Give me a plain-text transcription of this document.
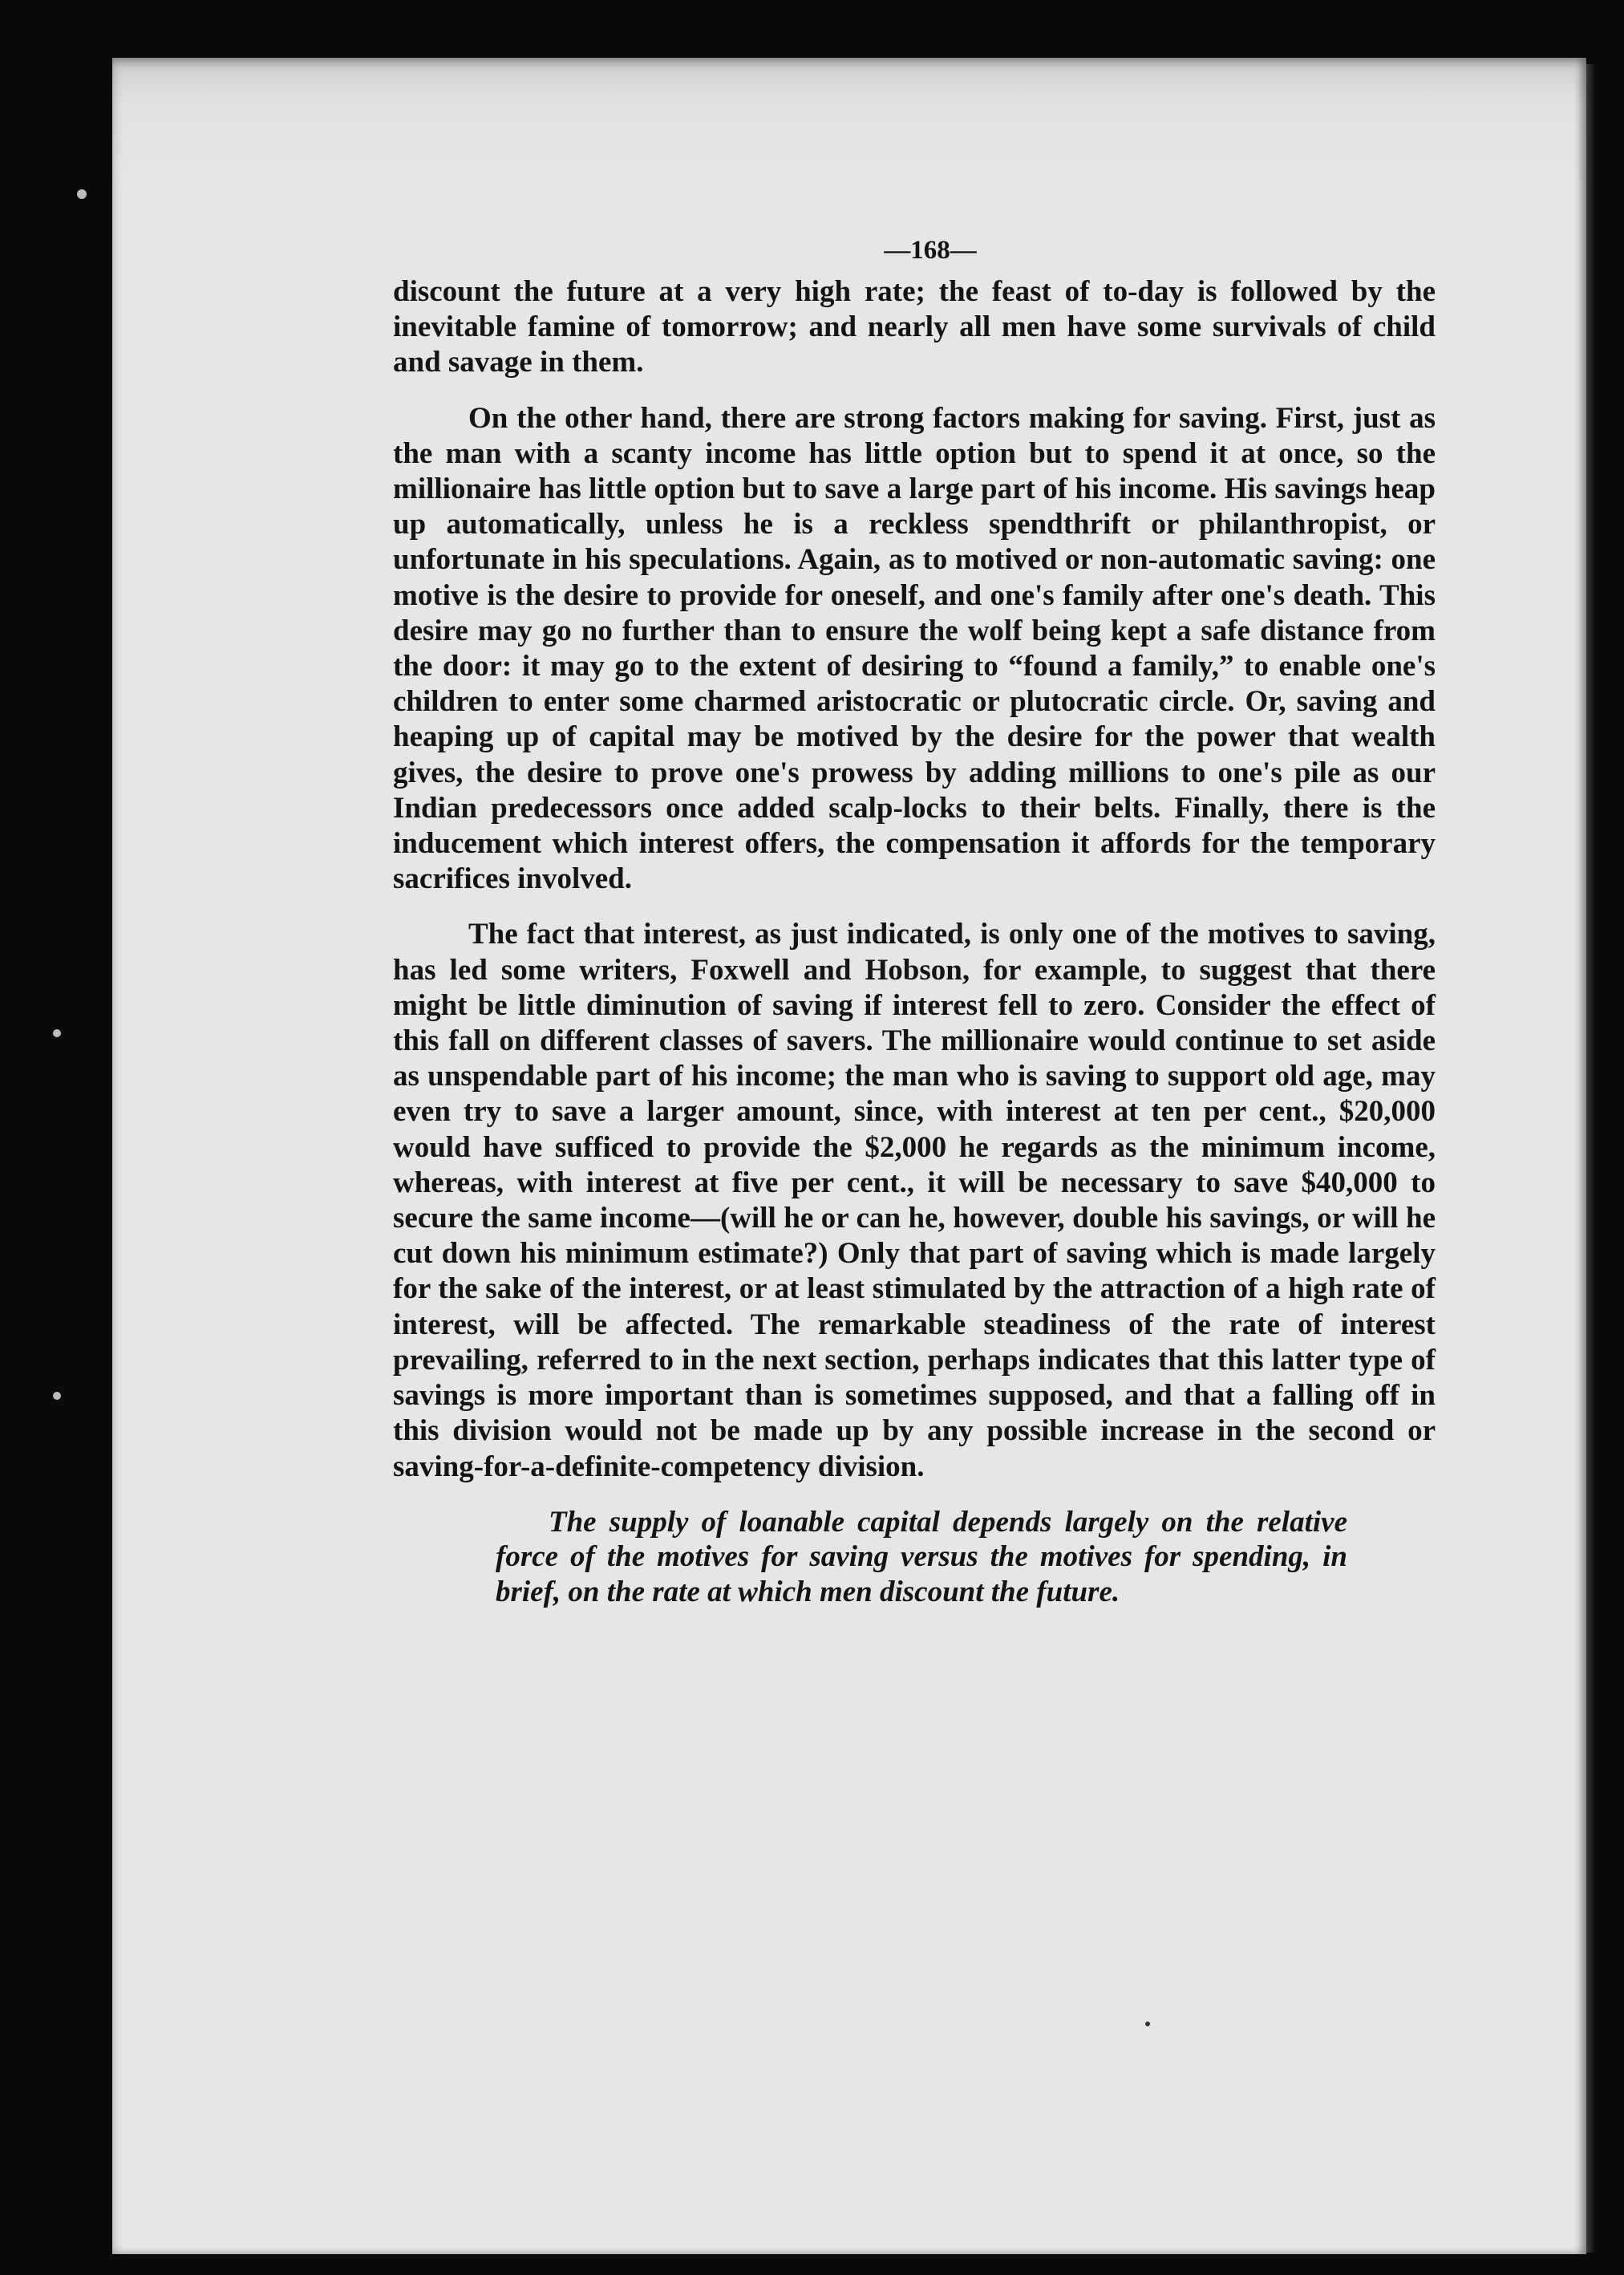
—168—

discount the future at a very high rate; the feast of to-day is followed by the inevitable famine of tomorrow; and nearly all men have some survivals of child and savage in them.

On the other hand, there are strong factors making for saving. First, just as the man with a scanty income has little option but to spend it at once, so the millionaire has little option but to save a large part of his income. His savings heap up automatically, unless he is a reckless spendthrift or philanthropist, or unfortunate in his speculations. Again, as to motived or non-automatic saving: one motive is the desire to provide for oneself, and one's family after one's death. This desire may go no further than to ensure the wolf being kept a safe distance from the door: it may go to the extent of desiring to “found a family,” to enable one's children to enter some charmed aristocratic or plutocratic circle. Or, saving and heaping up of capital may be motived by the desire for the power that wealth gives, the desire to prove one's prowess by adding millions to one's pile as our Indian predecessors once added scalp-locks to their belts. Finally, there is the inducement which interest offers, the compensation it affords for the temporary sacrifices involved.

The fact that interest, as just indicated, is only one of the motives to saving, has led some writers, Foxwell and Hobson, for example, to suggest that there might be little diminution of saving if interest fell to zero. Consider the effect of this fall on different classes of savers. The millionaire would continue to set aside as unspendable part of his income; the man who is saving to support old age, may even try to save a larger amount, since, with interest at ten per cent., $20,000 would have sufficed to provide the $2,000 he regards as the minimum income, whereas, with interest at five per cent., it will be necessary to save $40,000 to secure the same income—(will he or can he, however, double his savings, or will he cut down his minimum estimate?) Only that part of saving which is made largely for the sake of the interest, or at least stimulated by the attraction of a high rate of interest, will be affected. The remarkable steadiness of the rate of interest prevailing, referred to in the next section, perhaps indicates that this latter type of savings is more important than is sometimes supposed, and that a falling off in this division would not be made up by any possible increase in the second or saving-for-a-definite-competency division.

The supply of loanable capital depends largely on the relative force of the motives for saving versus the motives for spending, in brief, on the rate at which men discount the future.
